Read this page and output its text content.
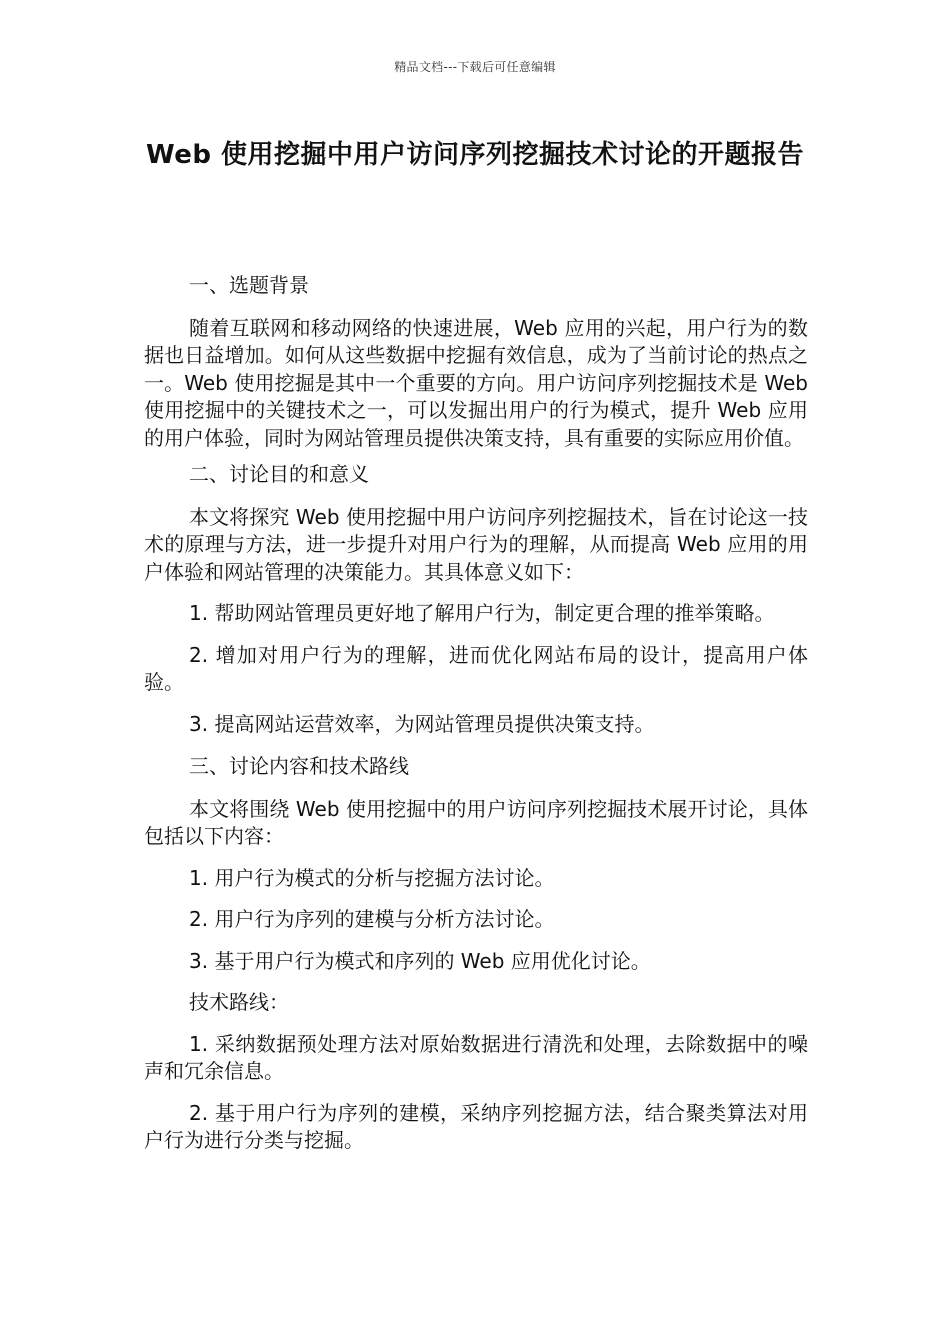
精品文档---下载后可任意编辑
Web 使用挖掘中用户访问序列挖掘技术讨论的开题报告

一、选题背景

随着互联网和移动网络的快速进展，Web 应用的兴起，用户行为的数据也日益增加。如何从这些数据中挖掘有效信息，成为了当前讨论的热点之一。Web 使用挖掘是其中一个重要的方向。用户访问序列挖掘技术是 Web 使用挖掘中的关键技术之一，可以发掘出用户的行为模式，提升 Web 应用的用户体验，同时为网站管理员提供决策支持，具有重要的实际应用价值。

二、讨论目的和意义

本文将探究 Web 使用挖掘中用户访问序列挖掘技术，旨在讨论这一技术的原理与方法，进一步提升对用户行为的理解，从而提高 Web 应用的用户体验和网站管理的决策能力。其具体意义如下：

1. 帮助网站管理员更好地了解用户行为，制定更合理的推举策略。

2. 增加对用户行为的理解，进而优化网站布局的设计，提高用户体验。

3. 提高网站运营效率，为网站管理员提供决策支持。

三、讨论内容和技术路线

本文将围绕 Web 使用挖掘中的用户访问序列挖掘技术展开讨论，具体包括以下内容：

1. 用户行为模式的分析与挖掘方法讨论。

2. 用户行为序列的建模与分析方法讨论。

3. 基于用户行为模式和序列的 Web 应用优化讨论。

技术路线：

1. 采纳数据预处理方法对原始数据进行清洗和处理，去除数据中的噪声和冗余信息。

2. 基于用户行为序列的建模，采纳序列挖掘方法，结合聚类算法对用户行为进行分类与挖掘。
